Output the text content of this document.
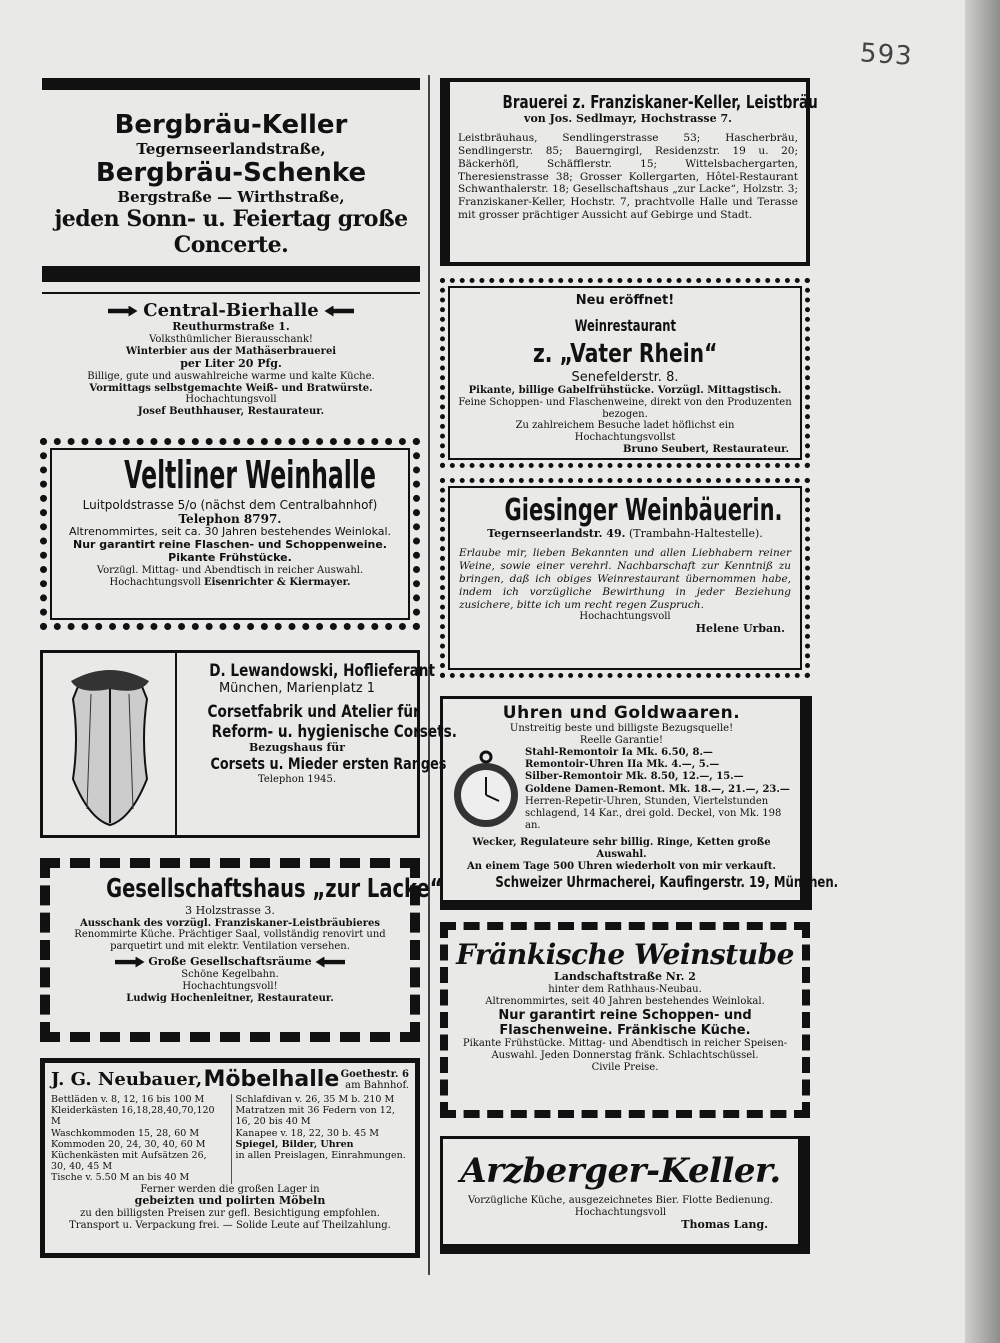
593

Bergbräu-Keller

Tegernseerlandstraße,

Bergbräu-Schenke

Bergstraße — Wirthstraße,

jeden Sonn- u. Feiertag große Concerte.

Central-Bierhalle

Reuthurmstraße 1.

Volksthümlicher Bierausschank!

Winterbier aus der Mathäserbrauerei

per Liter 20 Pfg.

Billige, gute und auswahlreiche warme und kalte Küche.

Vormittags selbstgemachte Weiß- und Bratwürste.

Hochachtungsvoll

Josef Beuthhauser, Restaurateur.

Veltliner Weinhalle

Luitpoldstrasse 5/o (nächst dem Centralbahnhof)

Telephon 8797.

Altrenommirtes, seit ca. 30 Jahren bestehendes Weinlokal.

Nur garantirt reine Flaschen- und Schoppenweine.

Pikante Frühstücke.

Vorzügl. Mittag- und Abendtisch in reicher Auswahl.

Hochachtungsvoll Eisenrichter & Kiermayer.

D. Lewandowski, Hoflieferant

München, Marienplatz 1

Corsetfabrik und Atelier für

Reform- u. hygienische Corsets.

Bezugshaus für

Corsets u. Mieder ersten Ranges

Telephon 1945.

Gesellschaftshaus „zur Lacke“

3 Holzstrasse 3.

Ausschank des vorzügl. Franziskaner-Leistbräubieres

Renommirte Küche. Prächtiger Saal, vollständig renovirt und

parquetirt und mit elektr. Ventilation versehen.

Große Gesellschaftsräume

Schöne Kegelbahn.

Hochachtungsvoll!

Ludwig Hochenleitner, Restaurateur.

J. G. Neubauer, Möbelhalle Goethestr. 6
am Bahnhof.
Bettläden v. 8, 12, 16 bis 100 M
Kleiderkästen 16,18,28,40,70,120 M
Waschkommoden 15, 28, 60 M
Kommoden 20, 24, 30, 40, 60 M
Küchenkästen mit Aufsätzen 26, 30, 40, 45 M
Tische v. 5.50 M an bis 40 M
Schlafdivan v. 26, 35 M b. 210 M
Matratzen mit 36 Federn von 12, 16, 20 bis 40 M
Kanapee v. 18, 22, 30 b. 45 M
Spiegel, Bilder, Uhren
in allen Preislagen, Einrahmungen.

Ferner werden die großen Lager in

gebeizten und polirten Möbeln

zu den billigsten Preisen zur gefl. Besichtigung empfohlen.

Transport u. Verpackung frei. — Solide Leute auf Theilzahlung.

Brauerei z. Franziskaner-Keller, Leistbräu

von Jos. Sedlmayr, Hochstrasse 7.

Leistbräuhaus, Sendlingerstrasse 53; Hascherbräu, Sendlingerstr. 85; Bauerngirgl, Residenzstr. 19 u. 20; Bäckerhöfl, Schäfflerstr. 15; Wittelsbachergarten, Theresienstrasse 38; Grosser Kollergarten, Hôtel-Restaurant Schwanthalerstr. 18; Gesellschaftshaus „zur Lacke“, Holzstr. 3; Franziskaner-Keller, Hochstr. 7, prachtvolle Halle und Terasse mit grosser prächtiger Aussicht auf Gebirge und Stadt.

Neu eröffnet!

Weinrestaurant z. „Vater Rhein“

Senefelderstr. 8.

Pikante, billige Gabelfrühstücke. Vorzügl. Mittagstisch.

Feine Schoppen- und Flaschenweine, direkt von den Produzenten bezogen.

Zu zahlreichem Besuche ladet höflichst ein

Hochachtungsvollst

Bruno Seubert, Restaurateur.

Giesinger Weinbäuerin.

Tegernseerlandstr. 49. (Trambahn-Haltestelle).

Erlaube mir, lieben Bekannten und allen Liebhabern reiner Weine, sowie einer verehrl. Nachbarschaft zur Kenntniß zu bringen, daß ich obiges Weinrestaurant übernommen habe, indem ich vorzügliche Bewirthung in jeder Beziehung zusichere, bitte ich um recht regen Zuspruch.

Hochachtungsvoll

Helene Urban.

Uhren und Goldwaaren.

Unstreitig beste und billigste Bezugsquelle!

Reelle Garantie!

Stahl-Remontoir Ia Mk. 6.50, 8.—
Remontoir-Uhren IIa Mk. 4.—, 5.—
Silber-Remontoir Mk. 8.50, 12.—, 15.—
Goldene Damen-Remont. Mk. 18.—, 21.—, 23.—
Herren-Repetir-Uhren, Stunden, Viertelstunden schlagend, 14 Kar., drei gold. Deckel, von Mk. 198 an.

Wecker, Regulateure sehr billig. Ringe, Ketten große Auswahl.

An einem Tage 500 Uhren wiederholt von mir verkauft.

Schweizer Uhrmacherei, Kaufingerstr. 19, München.

Fränkische Weinstube

Landschaftstraße Nr. 2

hinter dem Rathhaus-Neubau.

Altrenommirtes, seit 40 Jahren bestehendes Weinlokal.

Nur garantirt reine Schoppen- und

Flaschenweine. Fränkische Küche.

Pikante Frühstücke. Mittag- und Abendtisch in reicher Speisen-Auswahl. Jeden Donnerstag fränk. Schlachtschüssel.

Civile Preise.

Arzberger-Keller.

Vorzügliche Küche, ausgezeichnetes Bier. Flotte Bedienung.

Hochachtungsvoll

Thomas Lang.
